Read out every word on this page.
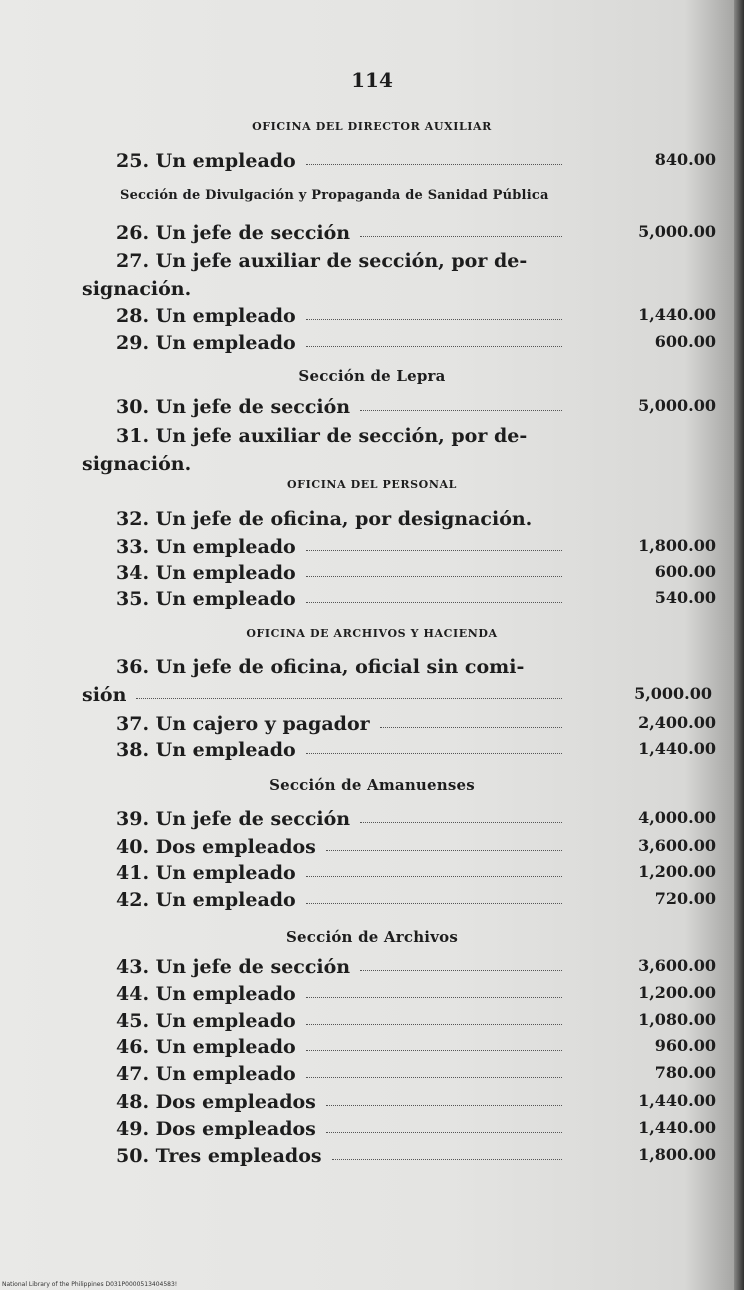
114
OFICINA DEL DIRECTOR AUXILIAR
25. Un empleado	840.00
Sección de Divulgación y Propaganda de Sanidad Pública
26. Un jefe de sección	5,000.00
27. Un jefe auxiliar de sección, por de-
signación.
28. Un empleado	1,440.00
29. Un empleado	600.00
Sección de Lepra
30. Un jefe de sección	5,000.00
31. Un jefe auxiliar de sección, por de-
signación.
OFICINA DEL PERSONAL
32. Un jefe de oficina, por designación.
33. Un empleado	1,800.00
34. Un empleado	600.00
35. Un empleado	540.00
OFICINA DE ARCHIVOS Y HACIENDA
36. Un jefe de oficina, oficial sin comi-
sión	5,000.00
37. Un cajero y pagador	2,400.00
38. Un empleado	1,440.00
Sección de Amanuenses
39. Un jefe de sección	4,000.00
40. Dos empleados	3,600.00
41. Un empleado	1,200.00
42. Un empleado	720.00
Sección de Archivos
43. Un jefe de sección	3,600.00
44. Un empleado	1,200.00
45. Un empleado	1,080.00
46. Un empleado	960.00
47. Un empleado	780.00
48. Dos empleados	1,440.00
49. Dos empleados	1,440.00
50. Tres empleados	1,800.00
National Library of the Philippines D031P0000513404583!
